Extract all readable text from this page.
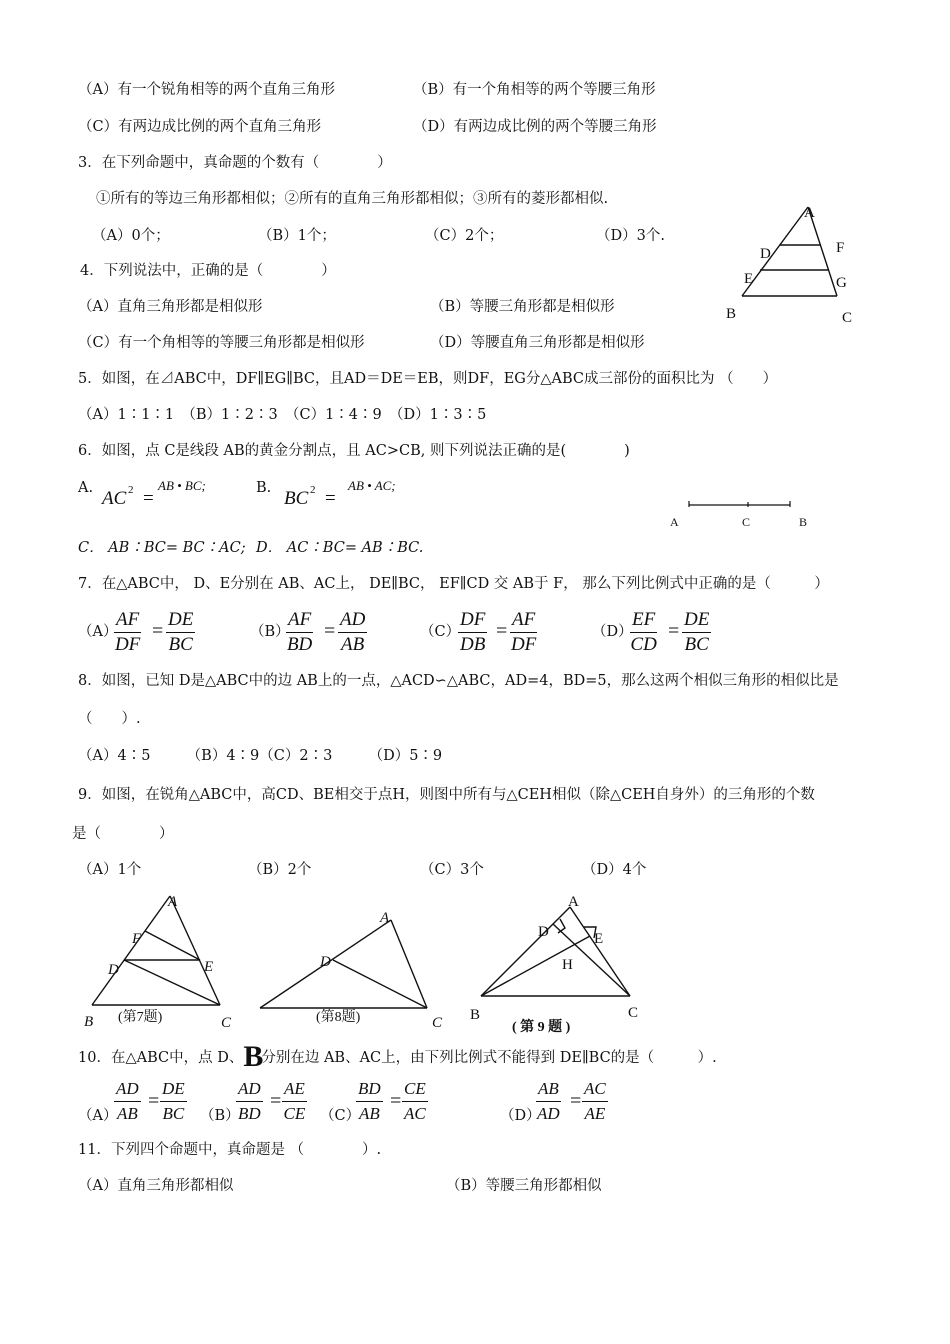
（A）有一个锐角相等的两个直角三角形	（B）有一个角相等的两个等腰三角形
（C）有两边成比例的两个直角三角形	（D）有两边成比例的两个等腰三角形
3．在下列命题中，真命题的个数有（　　　　）
①所有的等边三角形都相似；②所有的直角三角形都相似；③所有的菱形都相似.
（A）0个；	（B）1个；	（C）2个；	（D）3个.
4．下列说法中，正确的是（　　　　）
（A）直角三角形都是相似形	（B）等腰三角形都是相似形
（C）有一个角相等的等腰三角形都是相似形	（D）等腰直角三角形都是相似形
A
D	F
E	G
B	C
5．如图，在⊿ABC中，DF∥EG∥BC，且AD＝DE＝EB，则DF，EG分△ABC成三部份的面积比为 （　　）
（A）1∶1∶1　（B）1∶2∶3　（C）1∶4∶9　（D）1∶3∶5
6．如图，点 C是线段 AB的黄金分割点，且 AC>CB, 则下列说法正确的是(　　　　)
A. AC 2 =
AB • BC;	B. BC 2 =
AB • AC;
C． AB∶BC= BC∶AC; D． AC∶BC= AB∶BC.
A	C	B
7．在△ABC中， D、E分别在 AB、AC上， DE∥BC， EF∥CD 交 AB于 F， 那么下列比例式中正确的是（　　　）
（A）
$\frac{AF}{DF} = \frac{DE}{BC}$	（B）
$\frac{AF}{BD} = \frac{AD}{AB}$	（C）
$\frac{DF}{DB} = \frac{AF}{DF}$	（D）
$\frac{EF}{CD} = \frac{DE}{BC}$
8．如图，已知 D是△ABC中的边 AB上的一点，△ACD∽△ABC，AD=4，BD=5，那么这两个相似三角形的相似比是
（　　）.
（A）4∶5　　　（B）4∶9（C）2∶3　　　（D）5∶9
9．如图，在锐角△ABC中，高CD、BE相交于点H，则图中所有与△CEH相似（除△CEH自身外）的三角形的个数
是（　　　　）
（A）1个	（B）2个	（C）3个	（D）4个
A
F
D	E
B	C
(第7题)
A
D
C
(第8题)
A
D	E
H
B	C
( 第 9 题 )
10．在△ABC中，点 D、B分别在边 AB、AC上，由下列比例式不能得到 DE∥BC的是（　　　）.
（A）
$\frac{AD}{AB} = \frac{DE}{BC} (B)$
$\frac{AD}{BD} = \frac{AE}{CE} (C)$
$\frac{BD}{AB} = \frac{CE}{AC}$	（D）
$\frac{AB}{AD} = \frac{AC}{AE}$
11．下列四个命题中，真命题是 （　　　　）.
（A）直角三角形都相似	（B）等腰三角形都相似
